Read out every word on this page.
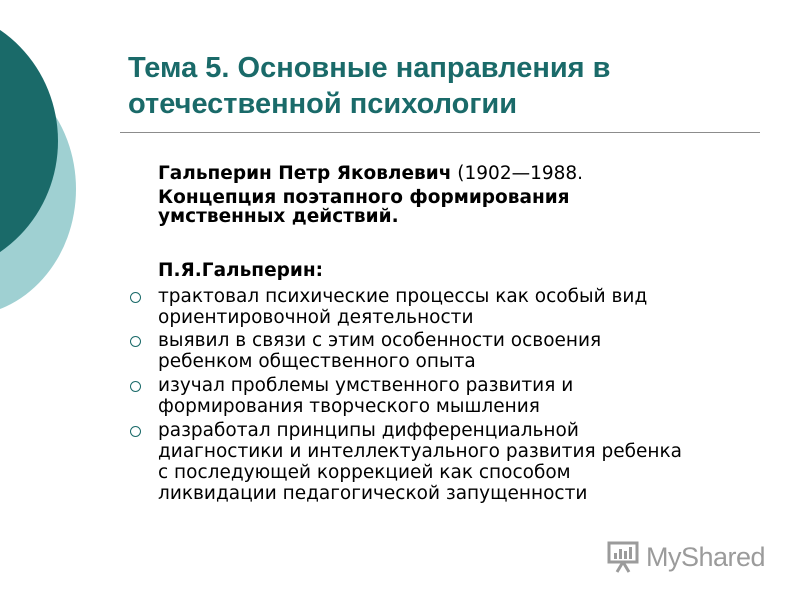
Тема 5. Основные направления в
отечественной психологии
Гальперин Петр Яковлевич (1902—1988.
Концепция поэтапного формирования
умственных действий.
П.Я.Гальперин:
трактовал психические процессы как особый вид
ориентировочной деятельности
выявил в связи с этим особенности освоения
ребенком общественного опыта
изучал проблемы умственного развития и
формирования творческого мышления
разработал принципы дифференциальной
диагностики и интеллектуального развития ребенка
с последующей коррекцией как способом
ликвидации педагогической запущенности
MyShared
